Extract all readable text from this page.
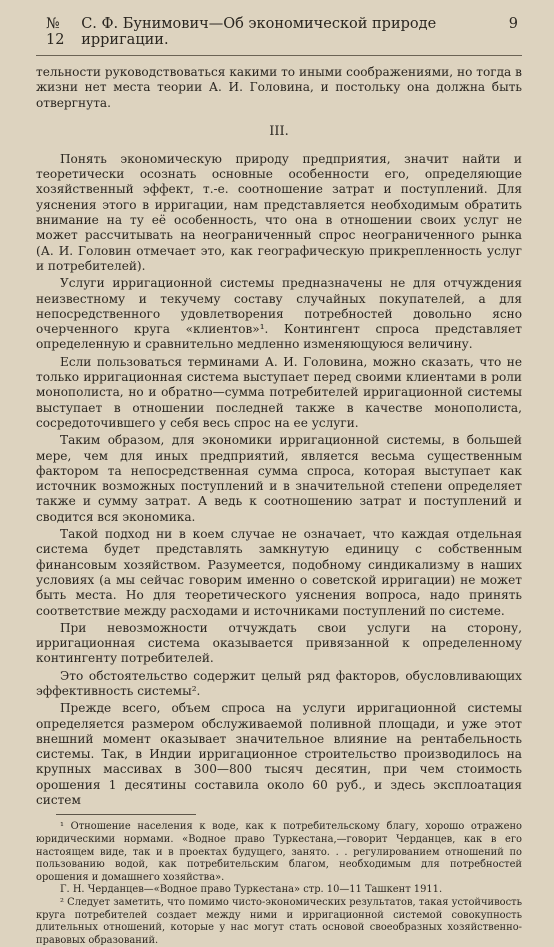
№ 12
С. Ф. Бунимович—Об экономической природе ирригации.
9

тельности руководствоваться какими то иными соображениями, но тогда в жизни нет места теории А. И. Головина, и постольку она должна быть отвергнута.

III.

Понять экономическую природу предприятия, значит найти и теоретически осознать основные особенности его, определяющие хозяйственный эффект, т.-е. соотношение затрат и поступлений. Для уяснения этого в ирригации, нам представляется необходимым обратить внимание на ту её особенность, что она в отношении своих услуг не может рассчитывать на неограниченный спрос неограниченного рынка (А. И. Головин отмечает это, как географическую прикрепленность услуг и потребителей).

Услуги ирригационной системы предназначены не для отчуждения неизвестному и текучему составу случайных покупателей, а для непосредственного удовлетворения потребностей довольно ясно очерченного круга «клиентов»¹. Контингент спроса представляет определенную и сравнительно медленно изменяющуюся величину.

Если пользоваться терминами А. И. Головина, можно сказать, что не только ирригационная система выступает перед своими клиентами в роли монополиста, но и обратно—сумма потребителей ирригационной системы выступает в отношении последней также в качестве монополиста, сосредоточившего у себя весь спрос на ее услуги.

Таким образом, для экономики ирригационной системы, в большей мере, чем для иных предприятий, является весьма существенным фактором та непосредственная сумма спроса, которая выступает как источник возможных поступлений и в значительной степени определяет также и сумму затрат. А ведь к соотношению затрат и поступлений и сводится вся экономика.

Такой подход ни в коем случае не означает, что каждая отдельная система будет представлять замкнутую единицу с собственным финансовым хозяйством. Разумеется, подобному синдикализму в наших условиях (а мы сейчас говорим именно о советской ирригации) не может быть места. Но для теоретического уяснения вопроса, надо принять соответствие между расходами и источниками поступлений по системе.

При невозможности отчуждать свои услуги на сторону, ирригационная система оказывается привязанной к определенному контингенту потребителей.

Это обстоятельство содержит целый ряд факторов, обусловливающих эффективность системы².

Прежде всего, объем спроса на услуги ирригационной системы определяется размером обслуживаемой поливной площади, и уже этот внешний момент оказывает значительное влияние на рентабельность системы. Так, в Индии ирригационное строительство производилось на крупных массивах в 300—800 тысяч десятин, при чем стоимость орошения 1 десятины составила около 60 руб., и здесь эксплоатация систем

¹ Отношение населения к воде, как к потребительскому благу, хорошо отражено юридическими нормами. «Водное право Туркестана,—говорит Черданцев, как в его настоящем виде, так и в проектах будущего, занято. . . регулированием отношений по пользованию водой, как потребительским благом, необходимым для потребностей орошения и домашнего хозяйства».

Г. Н. Черданцев—«Водное право Туркестана» стр. 10—11 Ташкент 1911.

² Следует заметить, что помимо чисто-экономических результатов, такая устойчивость круга потребителей создает между ними и ирригационной системой совокупность длительных отношений, которые у нас могут стать основой своеобразных хозяйственно-правовых образований.
